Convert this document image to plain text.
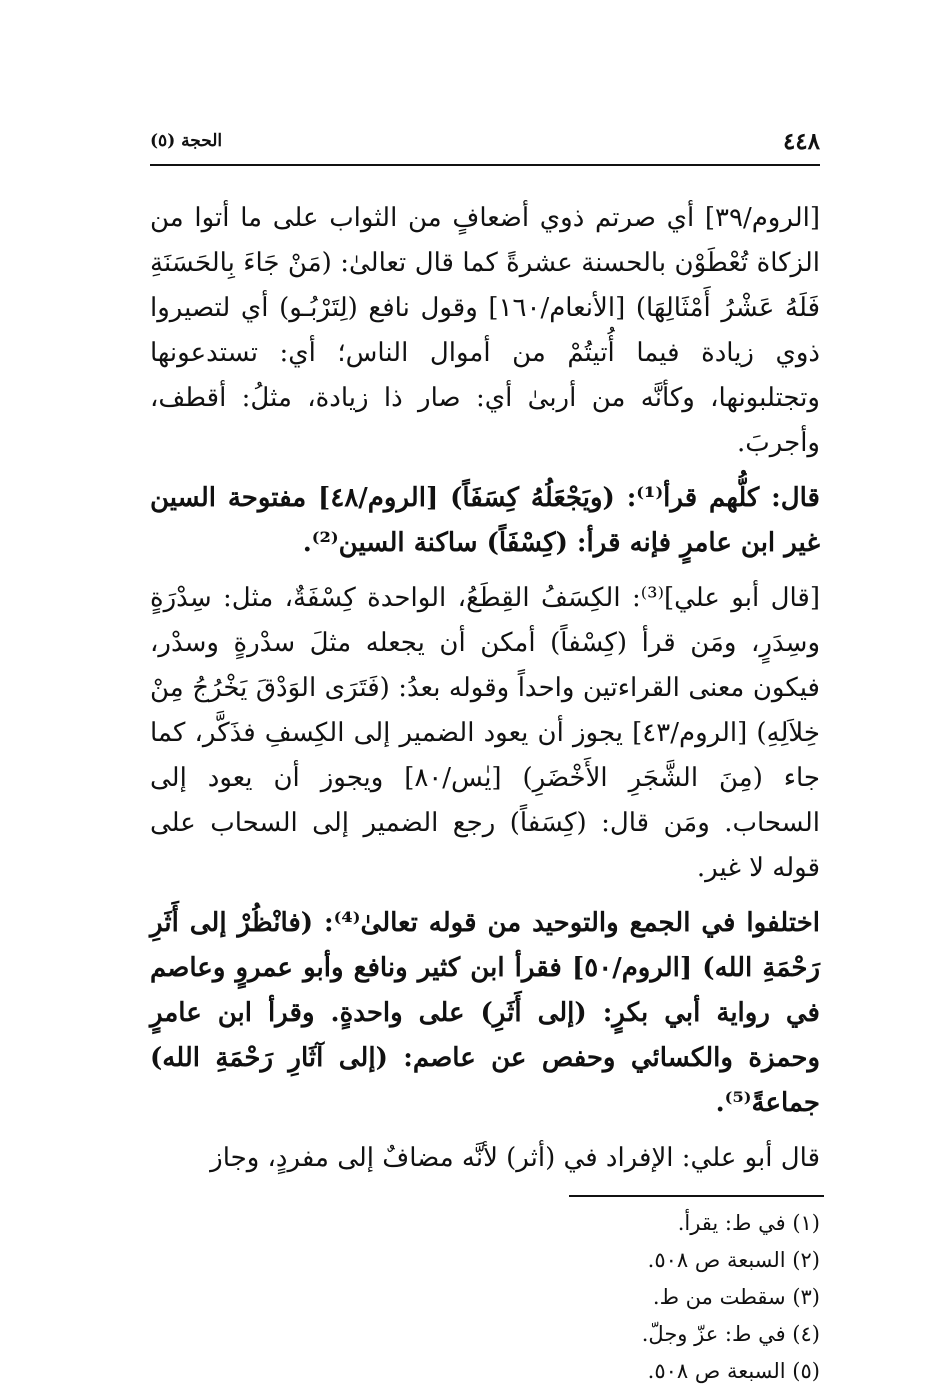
٤٤٨
الحجة (٥)

[الروم/٣٩] أي صرتم ذوي أضعافٍ من الثواب على ما أتوا من الزكاة تُعْطَوْن بالحسنة عشرةً كما قال تعالىٰ: (مَنْ جَاءَ بِالحَسَنَةِ فَلَهُ عَشْرُ أَمْثَالِهَا) [الأنعام/١٦٠] وقول نافع (لِتَرْبُـو) أي لتصيروا ذوي زيادة فيما أُتيتُمْ من أموال الناس؛ أي: تستدعونها وتجتلبونها، وكأنَّه من أربىٰ أي: صار ذا زيادة، مثلُ: أقطف، وأجربَ.

قال: كلُّهم قرأ⁽¹⁾: (ويَجْعَلُهُ كِسَفَاً) [الروم/٤٨] مفتوحة السين غير ابن عامرٍ فإنه قرأ: (كِسْفَاً) ساكنة السين⁽²⁾.

[قال أبو علي]⁽³⁾: الكِسَفُ القِطَعُ، الواحدة كِسْفَةٌ، مثل: سِدْرَةٍ وسِدَرٍ، ومَن قرأ (كِسْفاً) أمكن أن يجعله مثلَ سدْرةٍ وسدْر، فيكون معنى القراءتين واحداً وقوله بعدُ: (فَتَرَى الوَدْقَ يَخْرُجُ مِنْ خِلاَلِهِ) [الروم/٤٣] يجوز أن يعود الضمير إلى الكِسفِ فذَكَّر، كما جاء (مِنَ الشَّجَرِ الأَخْضَرِ) [يٰس/٨٠] ويجوز أن يعود إلى السحاب. ومَن قال: (كِسَفاً) رجع الضمير إلى السحاب على قوله لا غير.

اختلفوا في الجمع والتوحيد من قوله تعالىٰ⁽⁴⁾: (فانْظُرْ إلى أَثَرِ رَحْمَةِ الله) [الروم/٥٠] فقرأ ابن كثير ونافع وأبو عمروٍ وعاصم في رواية أبي بكرٍ: (إلى أَثَرِ) على واحدةٍ. وقرأ ابن عامرٍ وحمزة والكسائي وحفص عن عاصم: (إلى آثَارِ رَحْمَةِ الله) جماعةً⁽⁵⁾.

قال أبو علي: الإفراد في (أثر) لأنَّه مضافٌ إلى مفردٍ، وجاز

(١) في ط: يقرأ.
(٢) السبعة ص ٥٠٨.
(٣) سقطت من ط.
(٤) في ط: عزّ وجلّ.
(٥) السبعة ص ٥٠٨.
